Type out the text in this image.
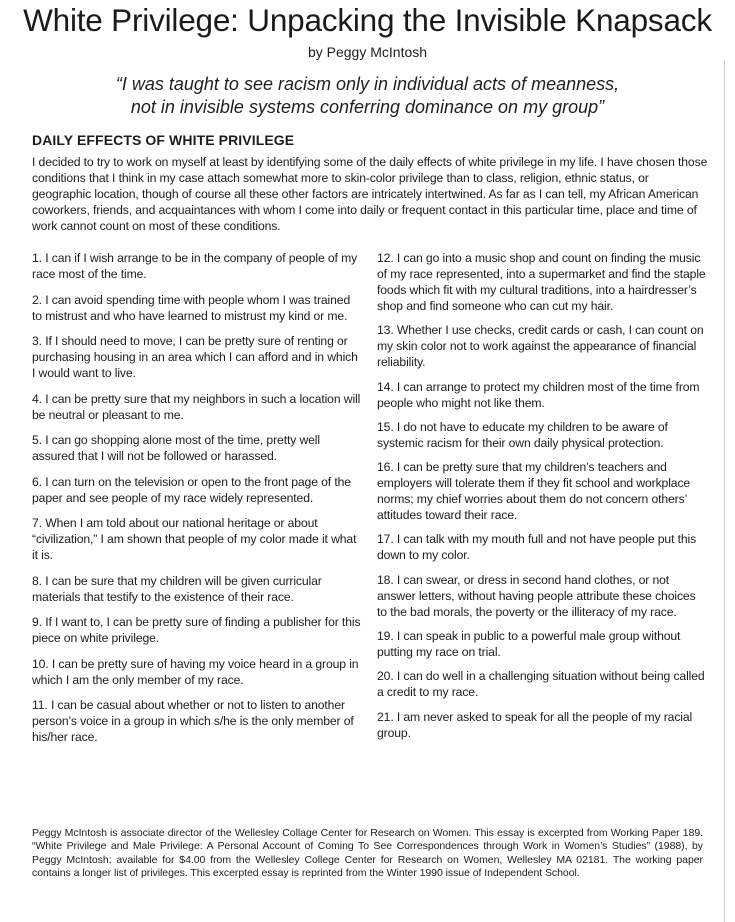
White Privilege: Unpacking the Invisible Knapsack

by Peggy McIntosh

“I was taught to see racism only in individual acts of meanness,
not in invisible systems conferring dominance on my group”

DAILY EFFECTS OF WHITE PRIVILEGE

I decided to try to work on myself at least by identifying some of the daily effects of white privilege in my life. I have chosen those conditions that I think in my case attach somewhat more to skin-color privilege than to class, religion, ethnic status, or geographic location, though of course all these other factors are intricately intertwined. As far as I can tell, my African American coworkers, friends, and acquaintances with whom I come into daily or frequent contact in this particular time, place and time of work cannot count on most of these conditions.

1. I can if I wish arrange to be in the company of people of my race most of the time.

2. I can avoid spending time with people whom I was trained to mistrust and who have learned to mistrust my kind or me.

3. If I should need to move, I can be pretty sure of renting or purchasing housing in an area which I can afford and in which I would want to live.

4. I can be pretty sure that my neighbors in such a location will be neutral or pleasant to me.

5. I can go shopping alone most of the time, pretty well assured that I will not be followed or harassed.

6. I can turn on the television or open to the front page of the paper and see people of my race widely represented.

7. When I am told about our national heritage or about “civilization,” I am shown that people of my color made it what it is.

8. I can be sure that my children will be given curricular materials that testify to the existence of their race.

9. If I want to, I can be pretty sure of finding a publisher for this piece on white privilege.

10. I can be pretty sure of having my voice heard in a group in which I am the only member of my race.

11. I can be casual about whether or not to listen to another person’s voice in a group in which s/he is the only member of his/her race.

12. I can go into a music shop and count on finding the music of my race represented, into a supermarket and find the staple foods which fit with my cultural traditions, into a hairdresser’s shop and find someone who can cut my hair.

13. Whether I use checks, credit cards or cash, I can count on my skin color not to work against the appearance of financial reliability.

14. I can arrange to protect my children most of the time from people who might not like them.

15. I do not have to educate my children to be aware of systemic racism for their own daily physical protection.

16. I can be pretty sure that my children’s teachers and employers will tolerate them if they fit school and workplace norms; my chief worries about them do not concern others’ attitudes toward their race.

17. I can talk with my mouth full and not have people put this down to my color.

18. I can swear, or dress in second hand clothes, or not answer letters, without having people attribute these choices to the bad morals, the poverty or the illiteracy of my race.

19. I can speak in public to a powerful male group without putting my race on trial.

20. I can do well in a challenging situation without being called a credit to my race.

21. I am never asked to speak for all the people of my racial group.

Peggy McIntosh is associate director of the Wellesley Collage Center for Research on Women. This essay is excerpted from Working Paper 189. “White Privilege and Male Privilege: A Personal Account of Coming To See Correspondences through Work in Women’s Studies” (1988), by Peggy McIntosh; available for $4.00 from the Wellesley College Center for Research on Women, Wellesley MA 02181. The working paper contains a longer list of privileges. This excerpted essay is reprinted from the Winter 1990 issue of Independent School.
